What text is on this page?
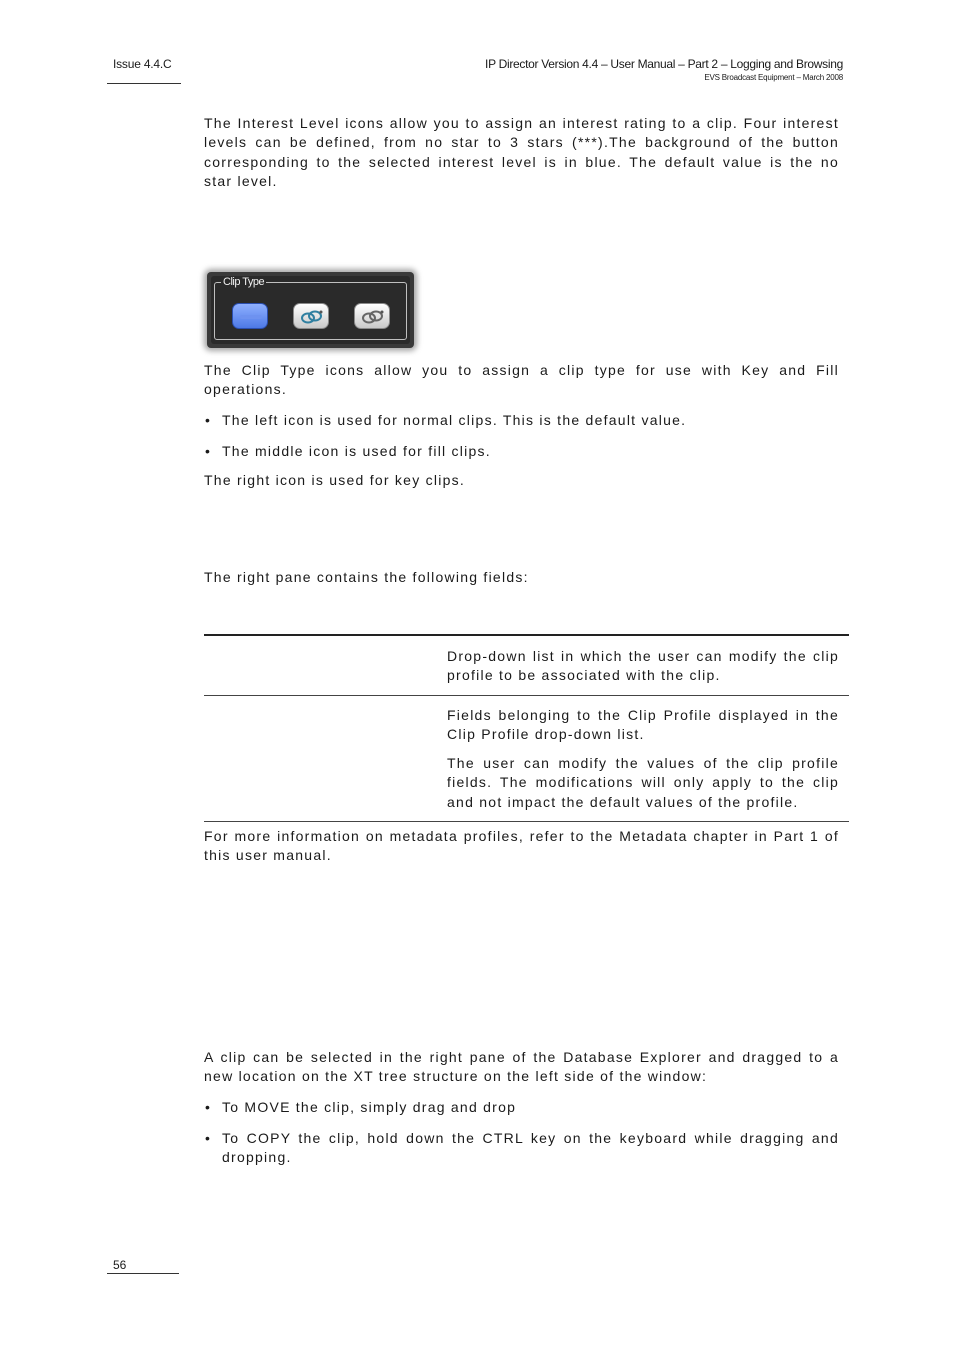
Issue 4.4.C	IP Director Version 4.4 – User Manual – Part 2 – Logging and Browsing
EVS Broadcast Equipment – March 2008
The Interest Level icons allow you to assign an interest rating to a clip. Four interest levels can be defined, from no star to 3 stars (***).The background of the button corresponding to the selected interest level is in blue. The default value is the no star level.
Clip Type
The Clip Type icons allow you to assign a clip type for use with Key and Fill operations.
• The left icon is used for normal clips. This is the default value.
• The middle icon is used for fill clips.
The right icon is used for key clips.
The right pane contains the following fields:
Drop-down list in which the user can modify the clip profile to be associated with the clip.
Fields belonging to the Clip Profile displayed in the Clip Profile drop-down list.
The user can modify the values of the clip profile fields. The modifications will only apply to the clip and not impact the default values of the profile.
For more information on metadata profiles, refer to the Metadata chapter in Part 1 of this user manual.
A clip can be selected in the right pane of the Database Explorer and dragged to a new location on the XT tree structure on the left side of the window:
• To MOVE the clip, simply drag and drop
• To COPY the clip, hold down the CTRL key on the keyboard while dragging and dropping.
56
